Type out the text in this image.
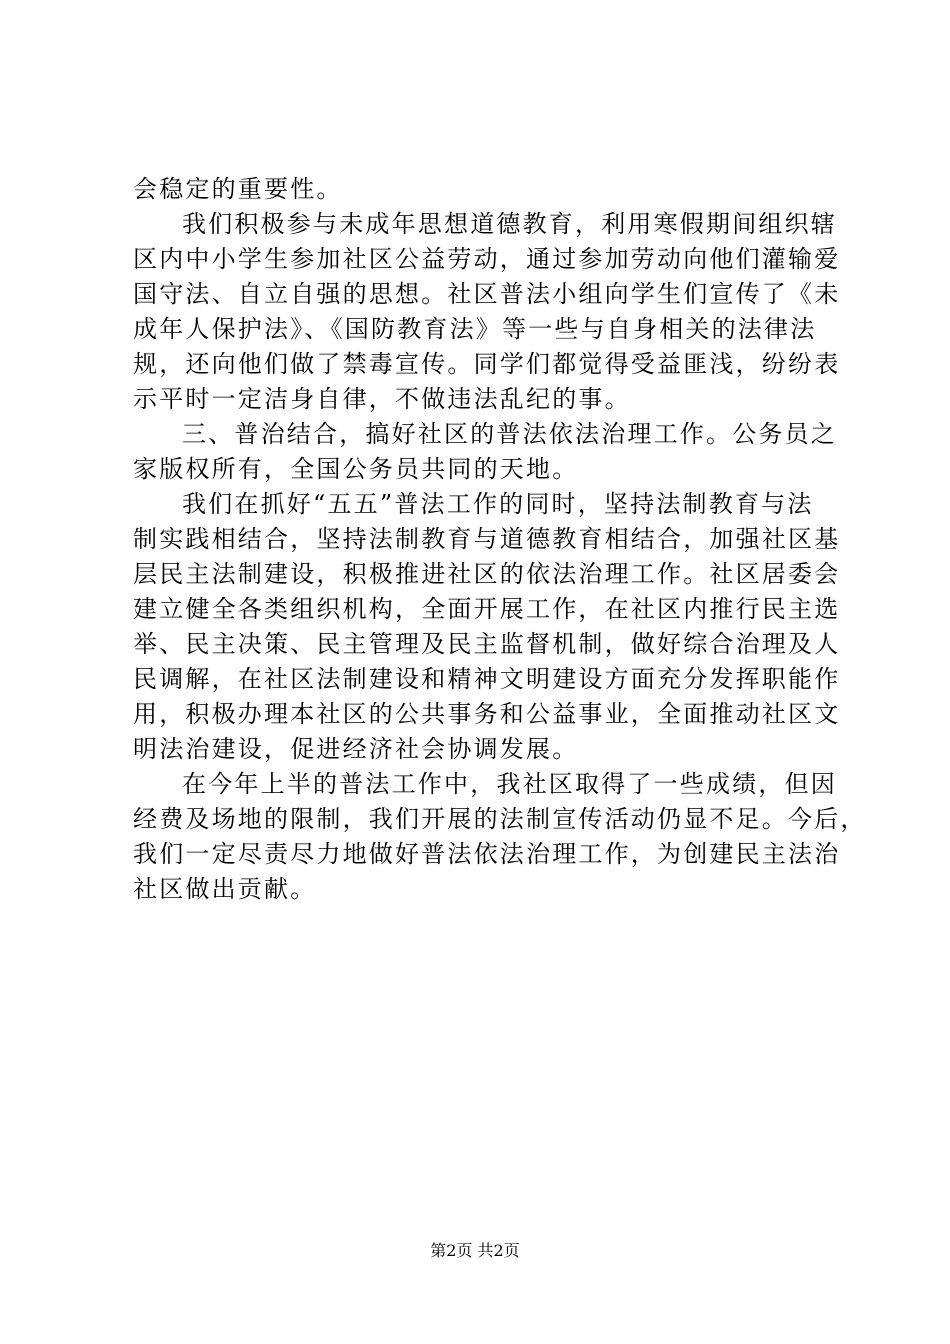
会稳定的重要性。
我们积极参与未成年思想道德教育，利用寒假期间组织辖
区内中小学生参加社区公益劳动，通过参加劳动向他们灌输爱
国守法、自立自强的思想。社区普法小组向学生们宣传了《未
成年人保护法》、《国防教育法》等一些与自身相关的法律法
规，还向他们做了禁毒宣传。同学们都觉得受益匪浅，纷纷表
示平时一定洁身自律，不做违法乱纪的事。
三、普治结合，搞好社区的普法依法治理工作。公务员之
家版权所有，全国公务员共同的天地。
我们在抓好“五五”普法工作的同时，坚持法制教育与法
制实践相结合，坚持法制教育与道德教育相结合，加强社区基
层民主法制建设，积极推进社区的依法治理工作。社区居委会
建立健全各类组织机构，全面开展工作，在社区内推行民主选
举、民主决策、民主管理及民主监督机制，做好综合治理及人
民调解，在社区法制建设和精神文明建设方面充分发挥职能作
用，积极办理本社区的公共事务和公益事业，全面推动社区文
明法治建设，促进经济社会协调发展。
在今年上半的普法工作中，我社区取得了一些成绩，但因
经费及场地的限制，我们开展的法制宣传活动仍显不足。今后，
我们一定尽责尽力地做好普法依法治理工作，为创建民主法治
社区做出贡献。
第2页 共2页
